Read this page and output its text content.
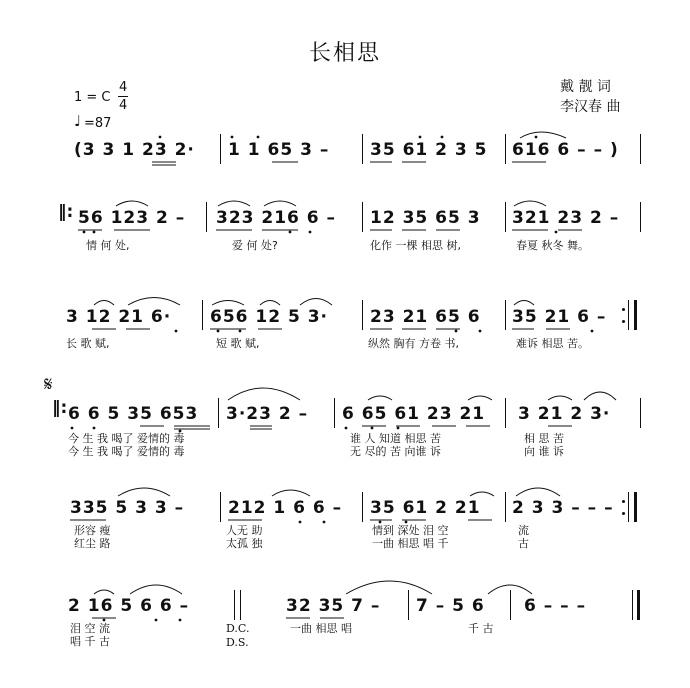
长相思
1 = C
4
4
♩ =87
戴 靓 词
李汉春 曲
(3 3 1 23 2· 1 1 65 3 – 35 61 2 3 5 616 6 – – )
‖: 56 123 2 – 323 216 6 – 12 35 65 3 321 23 2 –
情 何 处,	爱 何 处?	化作 一棵 相思 树,	春夏 秋冬 舞。
3 12 21 6· 656 12 5 3· 23 21 65 6 35 21 6 –
长 歌 赋,	短 歌 赋,	纵然 胸有 方卷 书,	难诉 相思 苦。
𝄋
‖: 6 6 5 35 653 3·23 2 – 6 65 61 23 21 3 21 2 3·
今 生 我 喝了 爱情的 毒
今 生 我 喝了 爱情的 毒
谁 人 知道 相思 苦
无 尽的 苦 向谁 诉
相 思 苦
向 谁 诉
335 5 3 3 –	212 1 6 6 – 35 61 2 21 2 3 3 – – –
形容 瘦
红尘 路
人无 助
太孤 独
情到 深处 泪 空
一曲 相思 唱 千
流
古
2 16 5 6 6 –	32 35 7 – 7 – 5 6 6 – – –
泪 空 流
唱 千 古
D.C.
D.S.
一曲 相思 唱	千 古
